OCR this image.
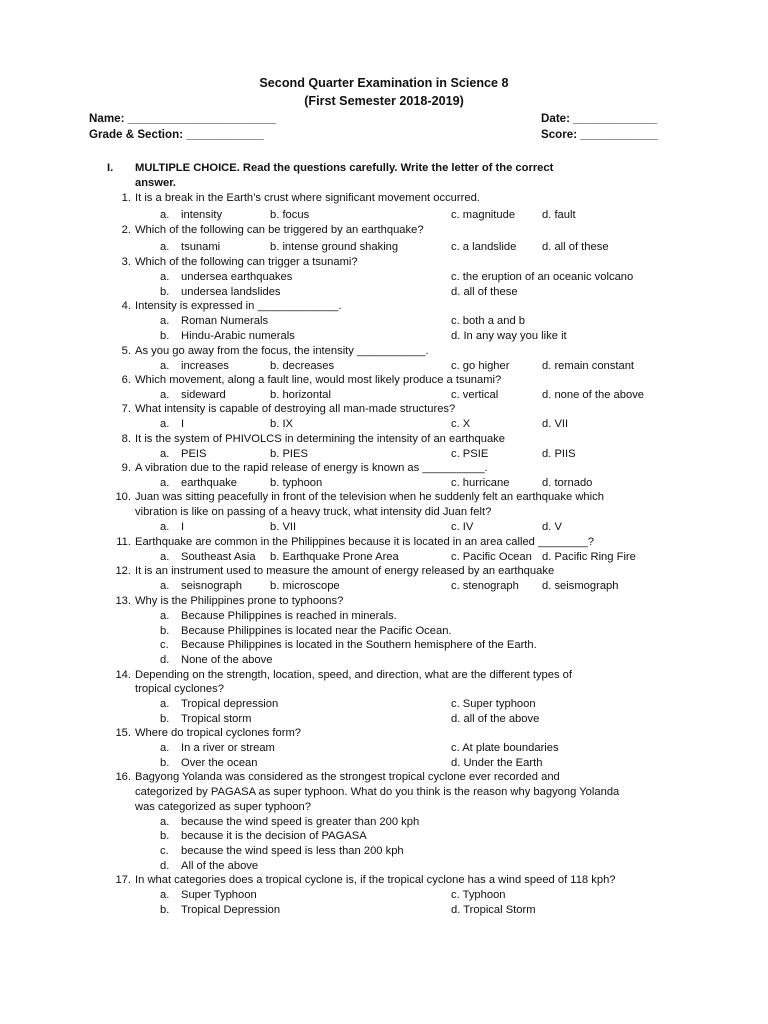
Second Quarter Examination in Science 8
(First Semester 2018-2019)
Name: _______________________	Date: _____________
Grade & Section: ____________	Score: ____________
I. MULTIPLE CHOICE. Read the questions carefully. Write the letter of the correct
answer.
1. It is a break in the Earth’s crust where significant movement occurred.
a. intensity	b. focus	c. magnitude d. fault
2. Which of the following can be triggered by an earthquake?
a. tsunami	b. intense ground shaking	c. a landslide d. all of these
3. Which of the following can trigger a tsunami?
a. undersea earthquakes	c. the eruption of an oceanic volcano
b. undersea landslides	d. all of these
4. Intensity is expressed in _____________.
a. Roman Numerals	c. both a and b
b. Hindu-Arabic numerals	d. In any way you like it
5. As you go away from the focus, the intensity ___________.
a. increases	b. decreases	c. go higher	d. remain constant
6. Which movement, along a fault line, would most likely produce a tsunami?
a. sideward	b. horizontal	c. vertical	d. none of the above
7. What intensity is capable of destroying all man-made structures?
a. I	b. IX	c. X	d. VII
8. It is the system of PHIVOLCS in determining the intensity of an earthquake
a. PEIS	b. PIES	c. PSIE	d. PIIS
9. A vibration due to the rapid release of energy is known as __________.
a. earthquake	b. typhoon	c. hurricane	d. tornado
10. Juan was sitting peacefully in front of the television when he suddenly felt an earthquake which
vibration is like on passing of a heavy truck, what intensity did Juan felt?
a. I	b. VII	c. IV	d. V
11. Earthquake are common in the Philippines because it is located in an area called ________?
a. Southeast Asia b. Earthquake Prone Area	c. Pacific Ocean d. Pacific Ring Fire
12. It is an instrument used to measure the amount of energy released by an earthquake
a. seisnograph	b. microscope	c. stenograph d. seismograph
13. Why is the Philippines prone to typhoons?
a. Because Philippines is reached in minerals.
b. Because Philippines is located near the Pacific Ocean.
c. Because Philippines is located in the Southern hemisphere of the Earth.
d. None of the above
14. Depending on the strength, location, speed, and direction, what are the different types of
tropical cyclones?
a. Tropical depression	c. Super typhoon
b. Tropical storm	d. all of the above
15. Where do tropical cyclones form?
a. In a river or stream	c. At plate boundaries
b. Over the ocean	d. Under the Earth
16. Bagyong Yolanda was considered as the strongest tropical cyclone ever recorded and
categorized by PAGASA as super typhoon. What do you think is the reason why bagyong Yolanda
was categorized as super typhoon?
a. because the wind speed is greater than 200 kph
b. because it is the decision of PAGASA
c. because the wind speed is less than 200 kph
d. All of the above
17. In what categories does a tropical cyclone is, if the tropical cyclone has a wind speed of 118 kph?
a. Super Typhoon	c. Typhoon
b. Tropical Depression	d. Tropical Storm
